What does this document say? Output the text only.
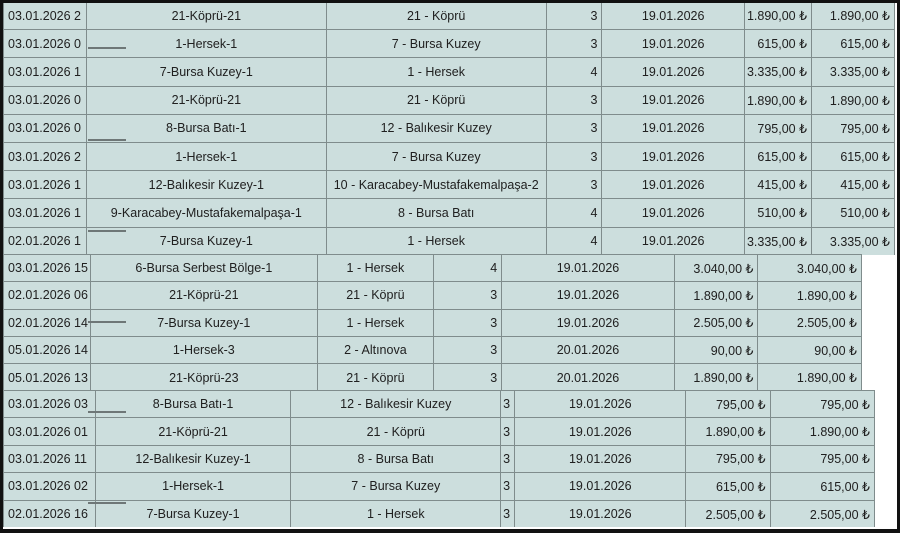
03.01.2026 2	21-Köprü-21	21 - Köprü	3	19.01.2026	1.890,00 ₺	1.890,00 ₺
03.01.2026 0	1-Hersek-1	7 - Bursa Kuzey	3	19.01.2026	615,00 ₺	615,00 ₺
03.01.2026 1	7-Bursa Kuzey-1	1 - Hersek	4	19.01.2026	3.335,00 ₺	3.335,00 ₺
03.01.2026 0	21-Köprü-21	21 - Köprü	3	19.01.2026	1.890,00 ₺	1.890,00 ₺
03.01.2026 0	8-Bursa Batı-1	12 - Balıkesir Kuzey	3	19.01.2026	795,00 ₺	795,00 ₺
03.01.2026 2	1-Hersek-1	7 - Bursa Kuzey	3	19.01.2026	615,00 ₺	615,00 ₺
03.01.2026 1	12-Balıkesir Kuzey-1	10 - Karacabey-Mustafakemalpaşa-2	3	19.01.2026	415,00 ₺	415,00 ₺
03.01.2026 1	9-Karacabey-Mustafakemalpaşa-1	8 - Bursa Batı	4	19.01.2026	510,00 ₺	510,00 ₺
02.01.2026 1	7-Bursa Kuzey-1	1 - Hersek	4	19.01.2026	3.335,00 ₺	3.335,00 ₺
03.01.2026 15	6-Bursa Serbest Bölge-1	1 - Hersek	4	19.01.2026	3.040,00 ₺	3.040,00 ₺
02.01.2026 06	21-Köprü-21	21 - Köprü	3	19.01.2026	1.890,00 ₺	1.890,00 ₺
02.01.2026 14	7-Bursa Kuzey-1	1 - Hersek	3	19.01.2026	2.505,00 ₺	2.505,00 ₺
05.01.2026 14	1-Hersek-3	2 - Altınova	3	20.01.2026	90,00 ₺	90,00 ₺
05.01.2026 13	21-Köprü-23	21 - Köprü	3	20.01.2026	1.890,00 ₺	1.890,00 ₺
03.01.2026 03	8-Bursa Batı-1	12 - Balıkesir Kuzey	3	19.01.2026	795,00 ₺	795,00 ₺
03.01.2026 01	21-Köprü-21	21 - Köprü	3	19.01.2026	1.890,00 ₺	1.890,00 ₺
03.01.2026 11	12-Balıkesir Kuzey-1	8 - Bursa Batı	3	19.01.2026	795,00 ₺	795,00 ₺
03.01.2026 02	1-Hersek-1	7 - Bursa Kuzey	3	19.01.2026	615,00 ₺	615,00 ₺
02.01.2026 16	7-Bursa Kuzey-1	1 - Hersek	3	19.01.2026	2.505,00 ₺	2.505,00 ₺
